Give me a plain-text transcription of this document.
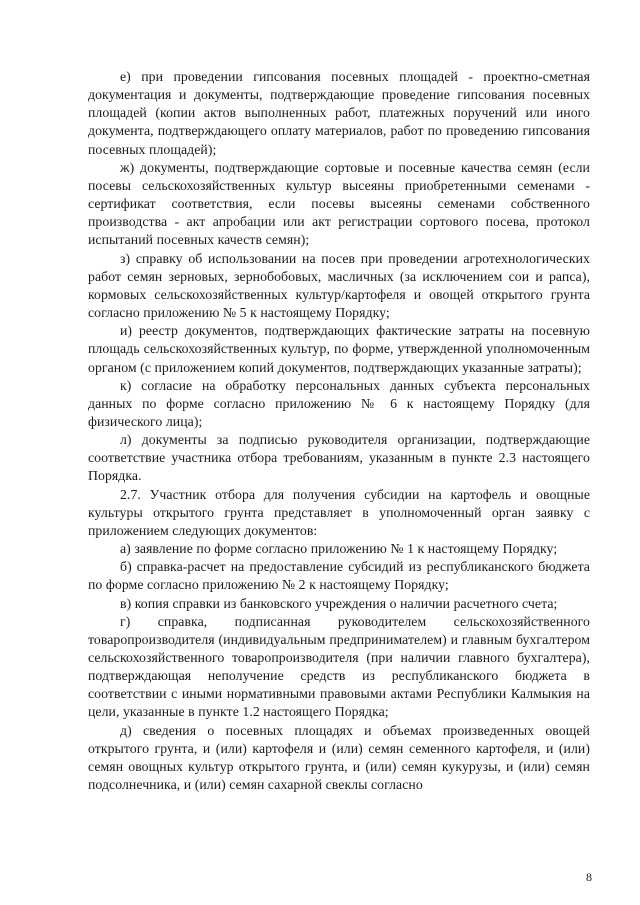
е) при проведении гипсования посевных площадей - проектно-сметная документация и документы, подтверждающие проведение гипсования посевных площадей (копии актов выполненных работ, платежных поручений или иного документа, подтверждающего оплату материалов, работ по проведению гипсования посевных площадей);

ж) документы, подтверждающие сортовые и посевные качества семян (если посевы сельскохозяйственных культур высеяны приобретенными семенами - сертификат соответствия, если посевы высеяны семенами собственного производства - акт апробации или акт регистрации сортового посева, протокол испытаний посевных качеств семян);

з) справку об использовании на посев при проведении агротехнологических работ семян зерновых, зернобобовых, масличных (за исключением сои и рапса), кормовых сельскохозяйственных культур/картофеля и овощей открытого грунта согласно приложению № 5 к настоящему Порядку;

и) реестр документов, подтверждающих фактические затраты на посевную площадь сельскохозяйственных культур, по форме, утвержденной уполномоченным органом (с приложением копий документов, подтверждающих указанные затраты);

к) согласие на обработку персональных данных субъекта персональных данных по форме согласно приложению № 6 к настоящему Порядку (для физического лица);

л) документы за подписью руководителя организации, подтверждающие соответствие участника отбора требованиям, указанным в пункте 2.3 настоящего Порядка.

2.7. Участник отбора для получения субсидии на картофель и овощные культуры открытого грунта представляет в уполномоченный орган заявку с приложением следующих документов:

а) заявление по форме согласно приложению № 1 к настоящему Порядку;

б) справка-расчет на предоставление субсидий из республиканского бюджета по форме согласно приложению № 2 к настоящему Порядку;

в) копия справки из банковского учреждения о наличии расчетного счета;

г) справка, подписанная руководителем сельскохозяйственного товаропроизводителя (индивидуальным предпринимателем) и главным бухгалтером сельскохозяйственного товаропроизводителя (при наличии главного бухгалтера), подтверждающая неполучение средств из республиканского бюджета в соответствии с иными нормативными правовыми актами Республики Калмыкия на цели, указанные в пункте 1.2 настоящего Порядка;

д) сведения о посевных площадях и объемах произведенных овощей открытого грунта, и (или) картофеля и (или) семян семенного картофеля, и (или) семян овощных культур открытого грунта, и (или) семян кукурузы, и (или) семян подсолнечника, и (или) семян сахарной свеклы согласно

8
